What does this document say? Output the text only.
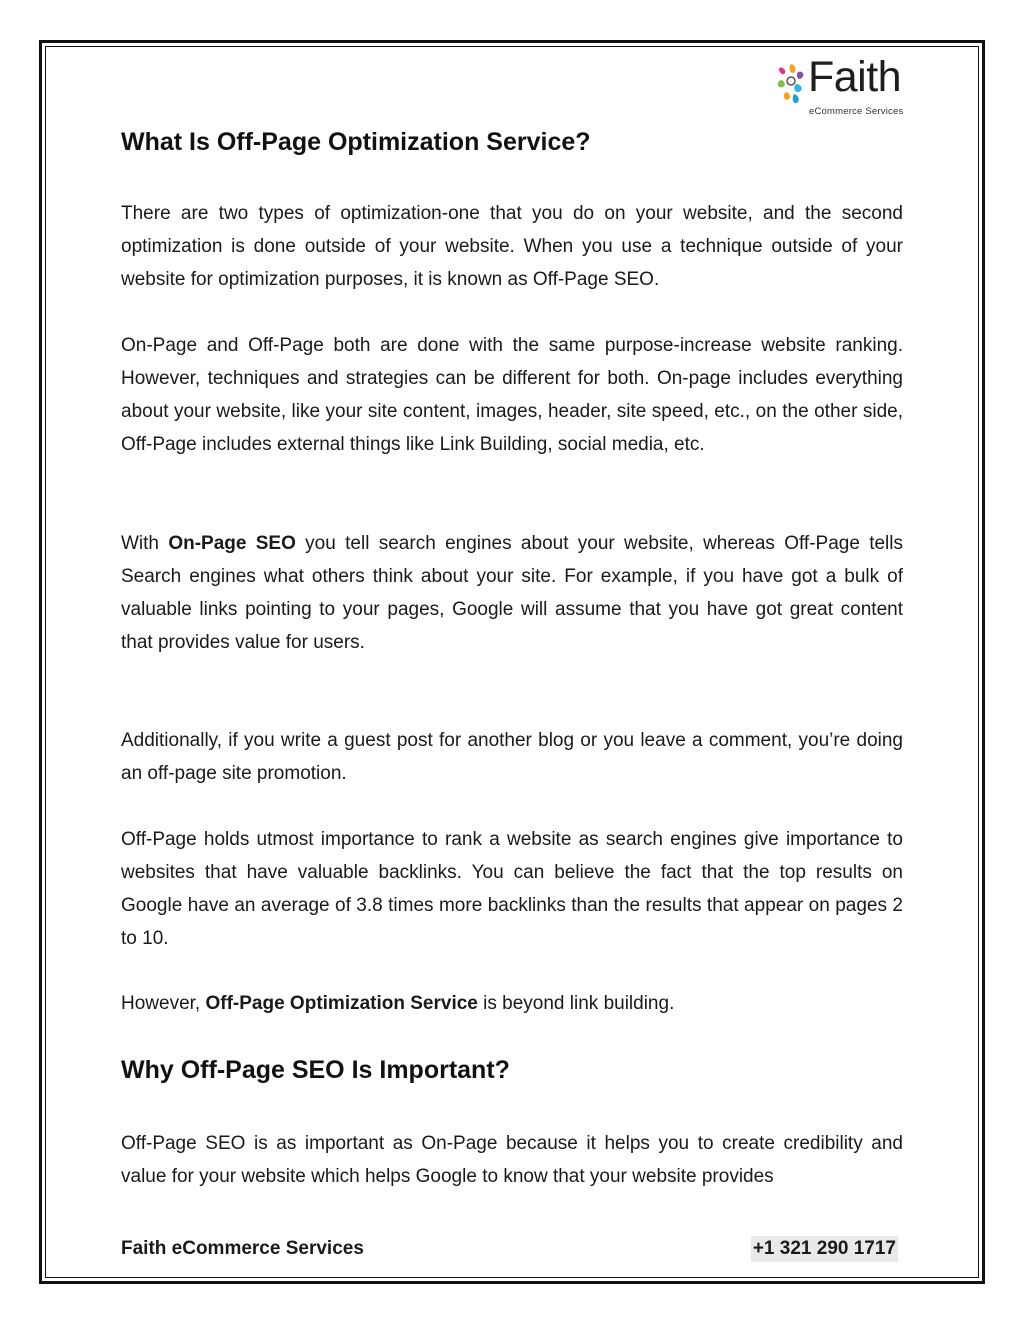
Faith
eCommerce Services
What Is Off-Page Optimization Service?

There are two types of optimization-one that you do on your website, and the second optimization is done outside of your website. When you use a technique outside of your website for optimization purposes, it is known as Off-Page SEO.

On-Page and Off-Page both are done with the same purpose-increase website ranking. However, techniques and strategies can be different for both. On-page includes everything about your website, like your site content, images, header, site speed, etc., on the other side, Off-Page includes external things like Link Building, social media, etc.

With On-Page SEO you tell search engines about your website, whereas Off-Page tells Search engines what others think about your site. For example, if you have got a bulk of valuable links pointing to your pages, Google will assume that you have got great content that provides value for users.

Additionally, if you write a guest post for another blog or you leave a comment, you’re doing an off-page site promotion.

Off-Page holds utmost importance to rank a website as search engines give importance to websites that have valuable backlinks. You can believe the fact that the top results on Google have an average of 3.8 times more backlinks than the results that appear on pages 2 to 10.

However, Off-Page Optimization Service is beyond link building.

Why Off-Page SEO Is Important?

Off-Page SEO is as important as On-Page because it helps you to create credibility and value for your website which helps Google to know that your website provides

Faith eCommerce Services	+1 321 290 1717
